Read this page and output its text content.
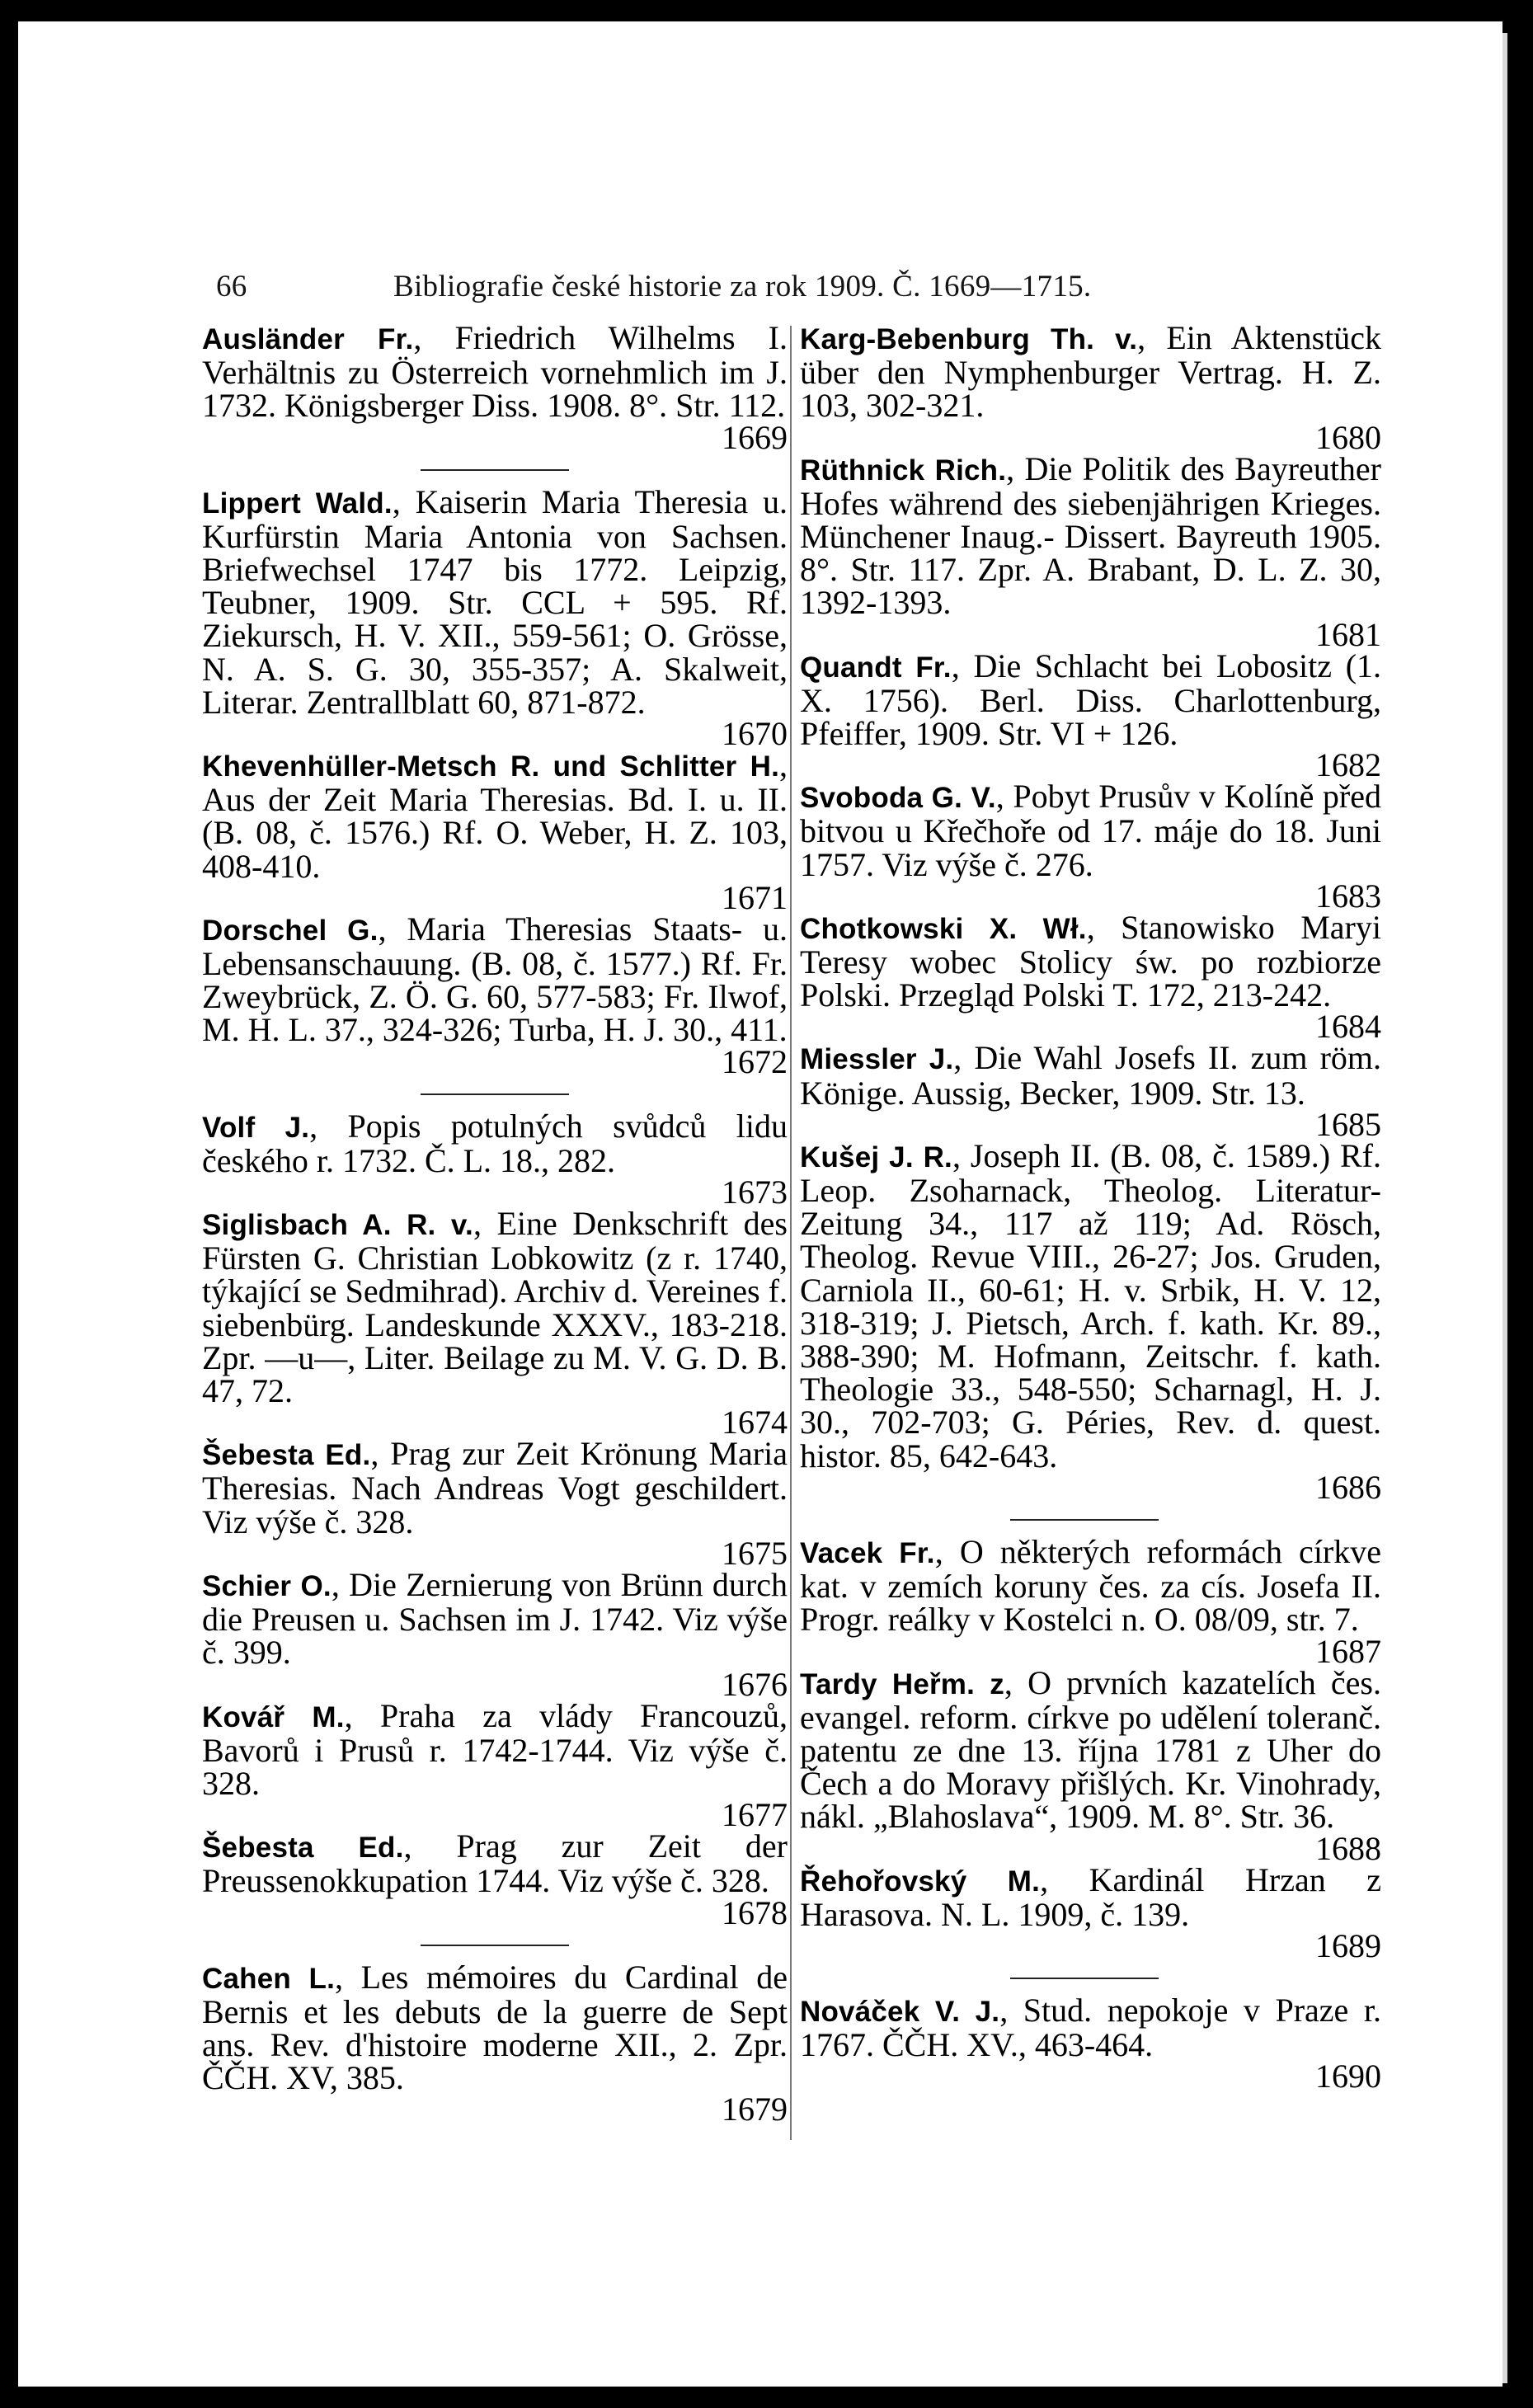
66	Bibliografie české historie za rok 1909. Č. 1669—1715.
Ausländer Fr., Friedrich Wilhelms I. Verhältnis zu Österreich vornehmlich im J. 1732. Königsberger Diss. 1908. 8°. Str. 112.
1669
Lippert Wald., Kaiserin Maria Theresia u. Kurfürstin Maria Antonia von Sachsen. Briefwechsel 1747 bis 1772. Leipzig, Teubner, 1909. Str. CCL + 595. Rf. Ziekursch, H. V. XII., 559-561; O. Grösse, N. A. S. G. 30, 355-357; A. Skalweit, Literar. Zentrallblatt 60, 871-872.
1670
Khevenhüller-Metsch R. und Schlitter H., Aus der Zeit Maria Theresias. Bd. I. u. II. (B. 08, č. 1576.) Rf. O. Weber, H. Z. 103, 408-410.
1671
Dorschel G., Maria Theresias Staats- u. Lebensanschauung. (B. 08, č. 1577.) Rf. Fr. Zweybrück, Z. Ö. G. 60, 577-583; Fr. Ilwof, M. H. L. 37., 324-326; Turba, H. J. 30., 411.
1672
Volf J., Popis potulných svůdců lidu českého r. 1732. Č. L. 18., 282.
1673
Siglisbach A. R. v., Eine Denkschrift des Fürsten G. Christian Lobkowitz (z r. 1740, týkající se Sedmihrad). Archiv d. Vereines f. siebenbürg. Landeskunde XXXV., 183-218. Zpr. —u—, Liter. Beilage zu M. V. G. D. B. 47, 72.
1674
Šebesta Ed., Prag zur Zeit Krönung Maria Theresias. Nach Andreas Vogt geschildert. Viz výše č. 328.
1675
Schier O., Die Zernierung von Brünn durch die Preusen u. Sachsen im J. 1742. Viz výše č. 399.
1676
Kovář M., Praha za vlády Francouzů, Bavorů i Prusů r. 1742-1744. Viz výše č. 328.
1677
Šebesta Ed., Prag zur Zeit der Preussenokkupation 1744. Viz výše č. 328.
1678
Cahen L., Les mémoires du Cardinal de Bernis et les debuts de la guerre de Sept ans. Rev. d'histoire moderne XII., 2. Zpr. ČČH. XV, 385.
1679
Karg-Bebenburg Th. v., Ein Aktenstück über den Nymphenburger Vertrag. H. Z. 103, 302-321.
1680
Rüthnick Rich., Die Politik des Bayreuther Hofes während des siebenjährigen Krieges. Münchener Inaug.- Dissert. Bayreuth 1905. 8°. Str. 117. Zpr. A. Brabant, D. L. Z. 30, 1392-1393.
1681
Quandt Fr., Die Schlacht bei Lobositz (1. X. 1756). Berl. Diss. Charlottenburg, Pfeiffer, 1909. Str. VI + 126.
1682
Svoboda G. V., Pobyt Prusův v Kolíně před bitvou u Křečhoře od 17. máje do 18. Juni 1757. Viz výše č. 276.
1683
Chotkowski X. Wł., Stanowisko Maryi Teresy wobec Stolicy św. po rozbiorze Polski. Przegląd Polski T. 172, 213-242.
1684
Miessler J., Die Wahl Josefs II. zum röm. Könige. Aussig, Becker, 1909. Str. 13.
1685
Kušej J. R., Joseph II. (B. 08, č. 1589.) Rf. Leop. Zsoharnack, Theolog. Literatur-Zeitung 34., 117 až 119; Ad. Rösch, Theolog. Revue VIII., 26-27; Jos. Gruden, Carniola II., 60-61; H. v. Srbik, H. V. 12, 318-319; J. Pietsch, Arch. f. kath. Kr. 89., 388-390; M. Hofmann, Zeitschr. f. kath. Theologie 33., 548-550; Scharnagl, H. J. 30., 702-703; G. Péries, Rev. d. quest. histor. 85, 642-643.
1686
Vacek Fr., O některých reformách církve kat. v zemích koruny čes. za cís. Josefa II. Progr. reálky v Kostelci n. O. 08/09, str. 7.
1687
Tardy Heřm. z, O prvních kazatelích čes. evangel. reform. církve po udělení toleranč. patentu ze dne 13. října 1781 z Uher do Čech a do Moravy přišlých. Kr. Vinohrady, nákl. „Blahoslava“, 1909. M. 8°. Str. 36.
1688
Řehořovský M., Kardinál Hrzan z Harasova. N. L. 1909, č. 139.
1689
Nováček V. J., Stud. nepokoje v Praze r. 1767. ČČH. XV., 463-464.
1690
